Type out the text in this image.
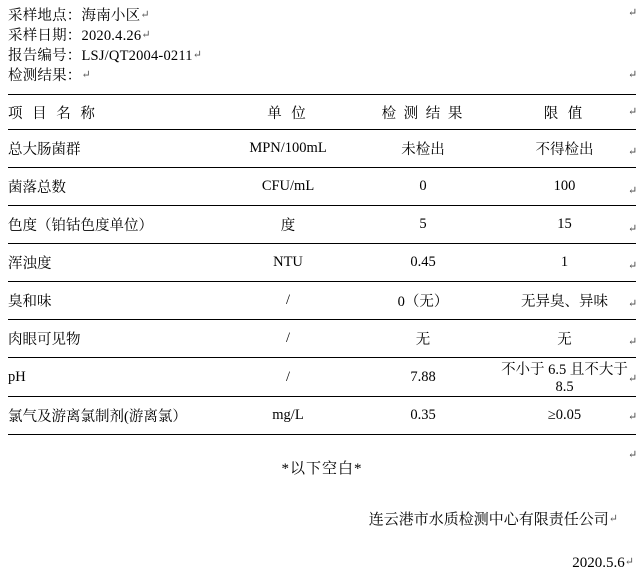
采样地点：海南小区↵
采样日期：2020.4.26↵
报告编号：LSJ/QT2004-0211↵
检测结果：↵
项 目 名 称	单 位	检 测 结 果	限 值
总大肠菌群	MPN/100mL	未检出	不得检出
菌落总数	CFU/mL	0	100
色度（铂钴色度单位）	度	5	15
浑浊度	NTU	0.45	1
臭和味	/	0（无）	无异臭、异味
肉眼可见物	/	无	无
pH	/	7.88	不小于 6.5 且不大于 8.5
氯气及游离氯制剂(游离氯）	mg/L	0.35	≥0.05
*以下空白*
连云港市水质检测中心有限责任公司↵
2020.5.6↵
↵
↵
↵
↵
↵
↵
↵
↵
↵
↵
↵
↵
